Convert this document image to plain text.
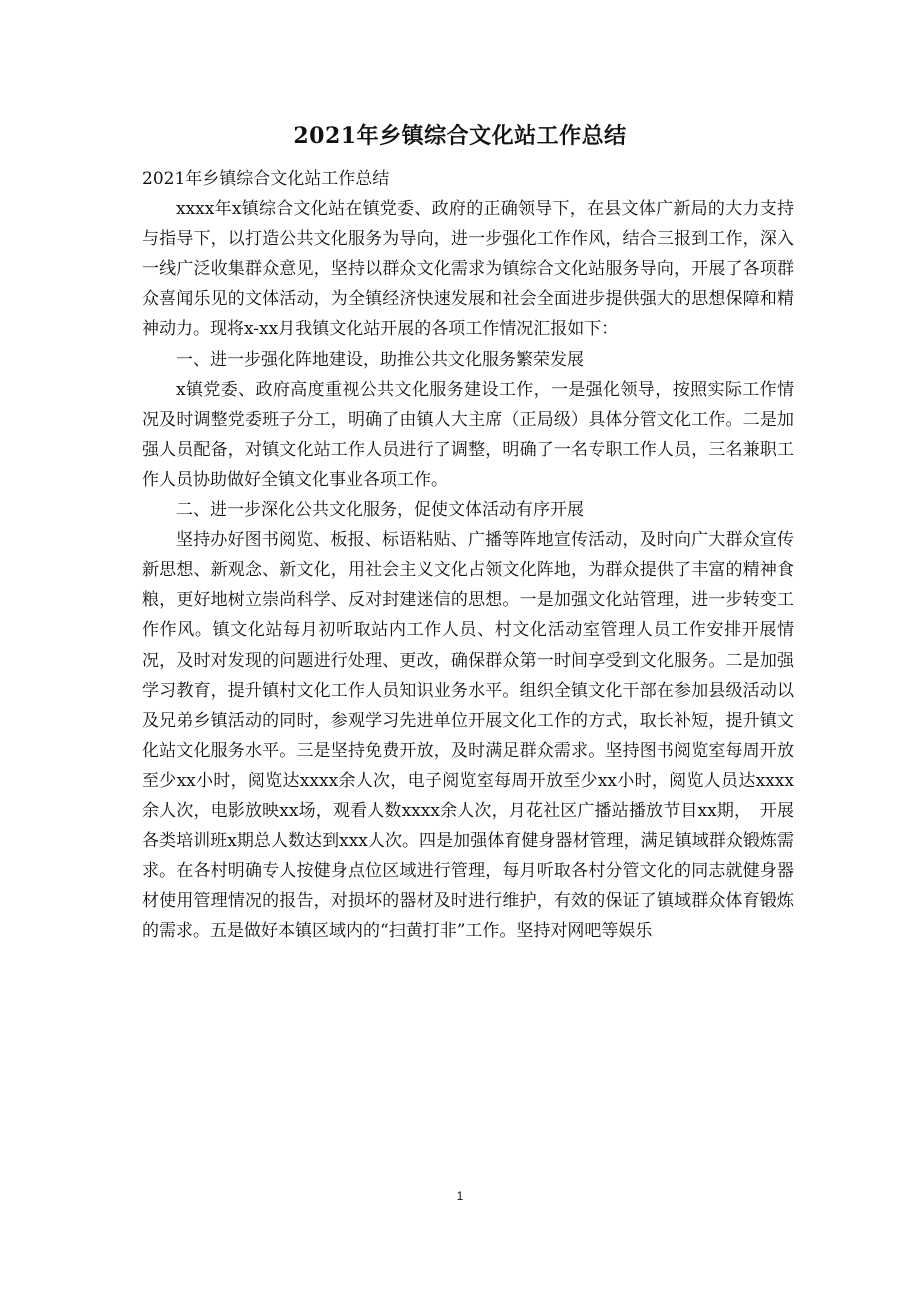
2021年乡镇综合文化站工作总结

2021年乡镇综合文化站工作总结

xxxx年x镇综合文化站在镇党委、政府的正确领导下，在县文体广新局的大力支持与指导下，以打造公共文化服务为导向，进一步强化工作作风，结合三报到工作，深入一线广泛收集群众意见，坚持以群众文化需求为镇综合文化站服务导向，开展了各项群众喜闻乐见的文体活动，为全镇经济快速发展和社会全面进步提供强大的思想保障和精神动力。现将x-xx月我镇文化站开展的各项工作情况汇报如下：

一、进一步强化阵地建设，助推公共文化服务繁荣发展

x镇党委、政府高度重视公共文化服务建设工作，一是强化领导，按照实际工作情况及时调整党委班子分工，明确了由镇人大主席（正局级）具体分管文化工作。二是加强人员配备，对镇文化站工作人员进行了调整，明确了一名专职工作人员，三名兼职工作人员协助做好全镇文化事业各项工作。

二、进一步深化公共文化服务，促使文体活动有序开展

坚持办好图书阅览、板报、标语粘贴、广播等阵地宣传活动，及时向广大群众宣传新思想、新观念、新文化，用社会主义文化占领文化阵地，为群众提供了丰富的精神食粮，更好地树立崇尚科学、反对封建迷信的思想。一是加强文化站管理，进一步转变工作作风。镇文化站每月初听取站内工作人员、村文化活动室管理人员工作安排开展情况，及时对发现的问题进行处理、更改，确保群众第一时间享受到文化服务。二是加强学习教育，提升镇村文化工作人员知识业务水平。组织全镇文化干部在参加县级活动以及兄弟乡镇活动的同时，参观学习先进单位开展文化工作的方式，取长补短，提升镇文化站文化服务水平。三是坚持免费开放，及时满足群众需求。坚持图书阅览室每周开放至少xx小时，阅览达xxxx余人次，电子阅览室每周开放至少xx小时，阅览人员达xxxx余人次，电影放映xx场，观看人数xxxx余人次，月花社区广播站播放节目xx期，　开展各类培训班x期总人数达到xxx人次。四是加强体育健身器材管理，满足镇域群众锻炼需求。在各村明确专人按健身点位区域进行管理，每月听取各村分管文化的同志就健身器材使用管理情况的报告，对损坏的器材及时进行维护，有效的保证了镇域群众体育锻炼的需求。五是做好本镇区域内的“扫黄打非”工作。坚持对网吧等娱乐

1
